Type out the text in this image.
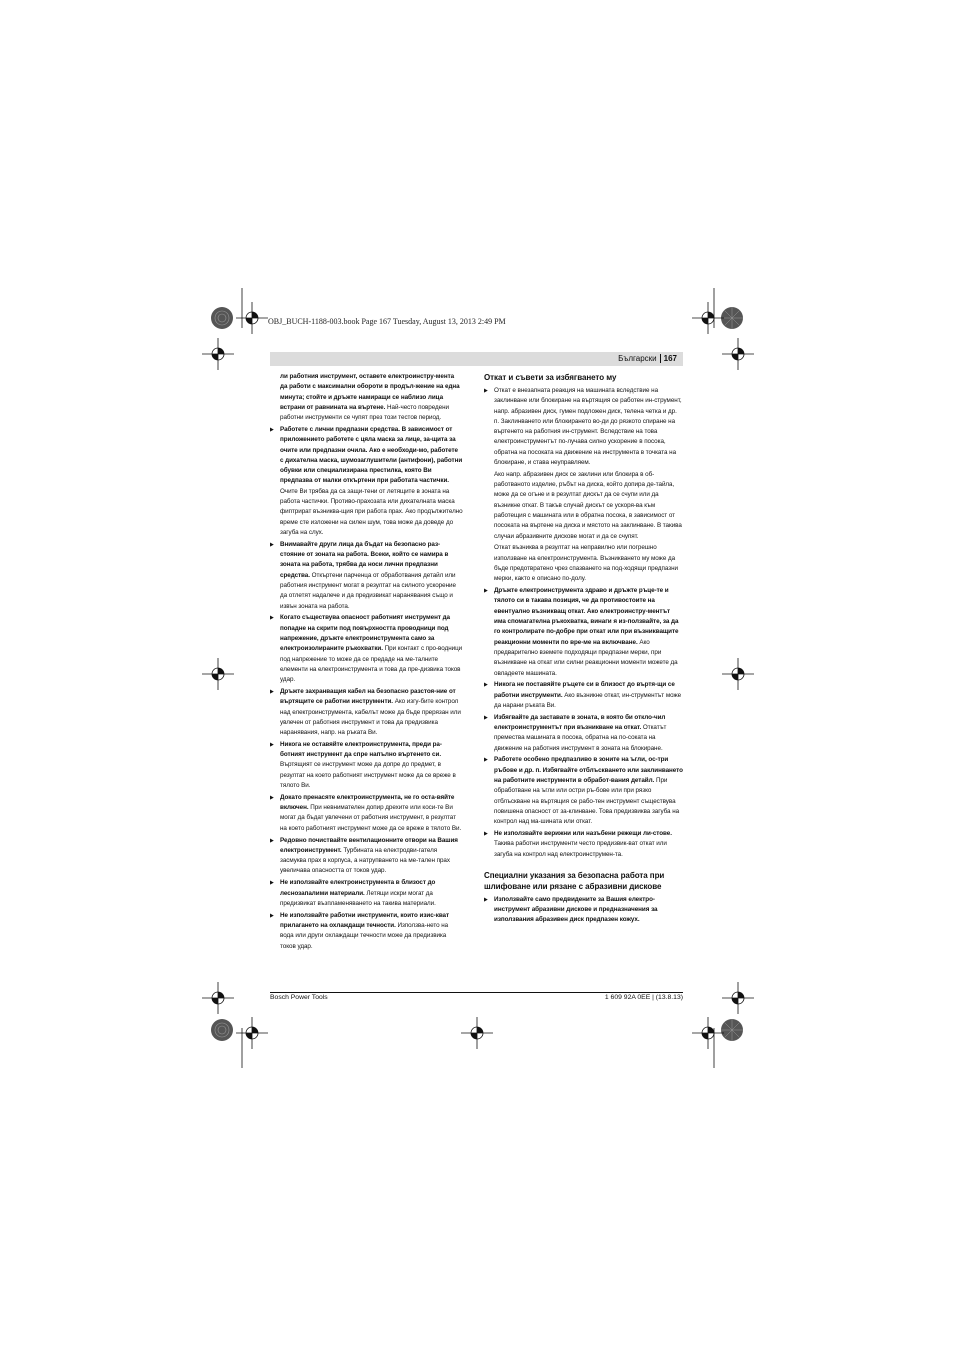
OBJ_BUCH-1188-003.book Page 167 Tuesday, August 13, 2013 2:49 PM
Български 167
ли работния инструмент, оставете електроинстру-мента да работи с максимални обороти в продъл-жение на една минута; стойте и дръжте намиращи се наблизо лица встрани от равнината на въртене. Най-често повредени работни инструменти се чупят през този тестов период.
▶ Работете с лични предпазни средства. В зависимост от приложението работете с цяла маска за лице, за-щита за очите или предпазни очила. Ако е необходи-мо, работете с дихателна маска, шумозаглушители (антифони), работни обувки или специализирана престилка, която Ви предпазва от малки откъртени при работата частички. Очите Ви трябва да са защи-тени от летящите в зоната на работа частички. Противо-прахозата или дихателната маска фиптрират възниква-щия при работа прах. Ако продължително време сте изложени на силен шум, това може да доведе до загуба на слух.
▶ Внимавайте други лица да бъдат на безопасно раз-стояние от зоната на работа. Всеки, който се намира в зоната на работа, трябва да носи лични предпазни средства. Откъртени парченца от обработвания детайл или работния инструмент могат в резултат на силното ускорение да отлетят надалече и да предизвикат наранявания също и извън зоната на работа.
▶ Когато съществува опасност работният инструмент да попадне на скрити под повърхността проводници под напрежение, дръжте електроинструмента само за електроизолираните ръкохватки. При контакт с про-водници под напрежение то може да се предаде на ме-талните елементи на електроинструмента и това да пре-дизвика токов удар.
▶ Дръжте захранващия кабел на безопасно разстоя-ние от въртящите се работни инструменти. Ако изгу-бите контрол над електроинструмента, кабелът може да бъде прерязан или увлечен от работния инструмент и това да предизвика наранявания, напр. на ръката Ви.
▶ Никога не оставяйте електроинструмента, преди ра-ботният инструмент да спре напълно въртенето си. Въртящият се инструмент може да допре до предмет, в резултат на което работният инструмент може да се вреже в тялото Ви.
▶ Докато пренасяте електроинструмента, не го оста-вяйте включен. При невнимателен допир дрехите или коси-те Ви могат да бъдат увлечени от работния инструмент, в резултат на което работният инструмент може да се вреже в тялото Ви.
▶ Редовно почиствайте вентилационните отвори на Вашия електроинструмент. Турбината на електродви-гателя засмуква прах в корпуса, а натрупването на ме-тален прах увеличава опасността от токов удар.
▶ Не използвайте електроинструмента в близост до леснозапалими материали. Летящи искри могат да предизвикат възпламеняването на такива материали.
▶ Не използвайте работни инструменти, които изис-кват прилагането на охлаждащи течности. Използва-нето на вода или други охлаждащи течности може да предизвика токов удар.
Откат и съвети за избягването му
▶ Откат е внезапната реакция на машината вследствие на заклинване или блокиране на въртящия се работен ин-струмент, напр. абразивен диск, гумен подложен диск, телена четка и др. п. Заклинването или блокирането во-ди до рязкото спиране на въртенето на работния ин-струмент. Вследствие на това електроинструментът по-лучава силно ускорение в посока, обратна на посоката на движение на инструмента в точката на блокиране, и става неуправляем.
Ако напр. абразивен диск се заклини или блокира в об-работваното изделие, ръбът на диска, който допира де-тайла, може да се огъне и в резултат дискът да се счупи или да възникне откат. В такъв случай дискът се ускоря-ва към работещия с машината или в обратна посока, в зависимост от посоката на въртене на диска и мястото на заклинване. В такива случаи абразивните дискове могат и да се счупят.
Откат възниква в резултат на неправилно или погрешно използване на електроинструмента. Възникването му може да бъде предотвратено чрез спазването на под-ходящи предпазни мерки, както е описано по-долу.
▶ Дръжте електроинструмента здраво и дръжте ръце-те и тялото си в такава позиция, че да противостоите на евентуално възникващ откат. Ако електроинстру-ментът има спомагателна ръкохватка, винаги я из-ползвайте, за да го контролирате по-добре при откат или при възникващите реакционни моменти по вре-ме на включване. Ако предварително вземете подходящи предпазни мерки, при възникване на откат или силни реакционни моменти можете да овладеете машината.
▶ Никога не поставяйте ръцете си в близост до въртя-щи се работни инструменти. Ако възникне откат, ин-струментът може да нарани ръката Ви.
▶ Избягвайте да заставате в зоната, в която би откло-чил електроинструментът при възникване на откат. Откатът премества машината в посока, обратна на по-соката на движение на работния инструмент в зоната на блокиране.
▶ Работете особено предпазливо в зоните на ъгли, ос-три ръбове и др. п. Избягвайте отблъскването или заклинването на работните инструменти в обработ-вания детайл. При обработване на ъгли или остри ръ-бове или при рязко отблъскване на въртящия се рабо-тен инструмент съществува повишена опасност от за-клинване. Това предизвиква загуба на контрол над ма-шината или откат.
▶ Не използвайте верижни или назъбени режещи ли-стове. Такива работни инструменти често предизвик-ват откат или загуба на контрол над електроинструмен-та.
Специални указания за безопасна работа при шлифоване или рязане с абразивни дискове
▶ Използвайте само предвидените за Вашия електро-инструмент абразивни дискове и предназначения за използвания абразивен диск предпазен кожух.
Bosch Power Tools	1 609 92A 0EE | (13.8.13)
